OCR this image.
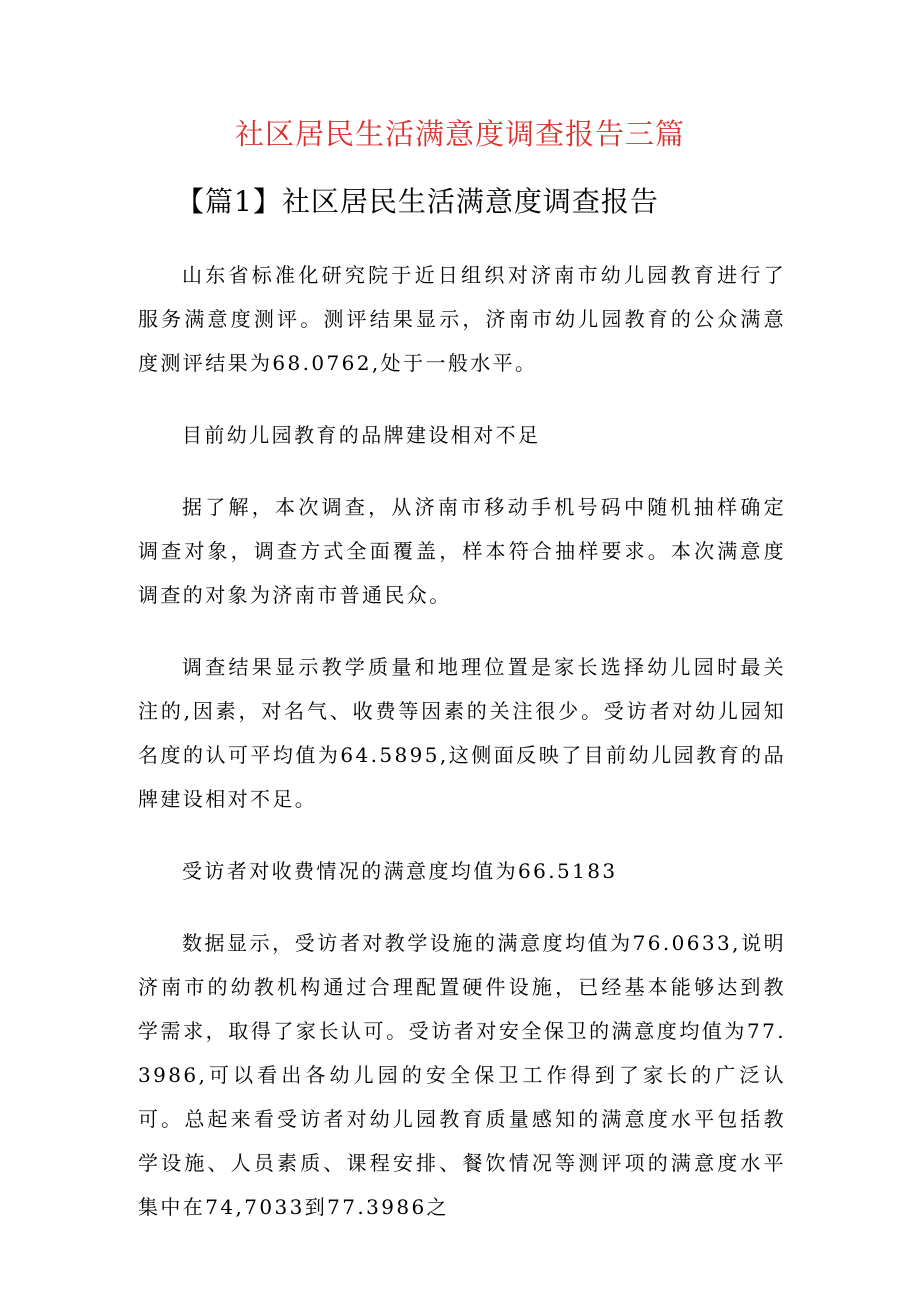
社区居民生活满意度调查报告三篇
【篇1】社区居民生活满意度调查报告

山东省标准化研究院于近日组织对济南市幼儿园教育进行了服务满意度测评。测评结果显示，济南市幼儿园教育的公众满意度测评结果为68.0762,处于一般水平。

目前幼儿园教育的品牌建设相对不足

据了解，本次调查，从济南市移动手机号码中随机抽样确定调查对象，调查方式全面覆盖，样本符合抽样要求。本次满意度调查的对象为济南市普通民众。

调查结果显示教学质量和地理位置是家长选择幼儿园时最关注的,因素，对名气、收费等因素的关注很少。受访者对幼儿园知名度的认可平均值为64.5895,这侧面反映了目前幼儿园教育的品牌建设相对不足。

受访者对收费情况的满意度均值为66.5183

数据显示，受访者对教学设施的满意度均值为76.0633,说明济南市的幼教机构通过合理配置硬件设施，已经基本能够达到教学需求，取得了家长认可。受访者对安全保卫的满意度均值为77.3986,可以看出各幼儿园的安全保卫工作得到了家长的广泛认可。总起来看受访者对幼儿园教育质量感知的满意度水平包括教学设施、人员素质、课程安排、餐饮情况等测评项的满意度水平集中在74,7033到77.3986之
